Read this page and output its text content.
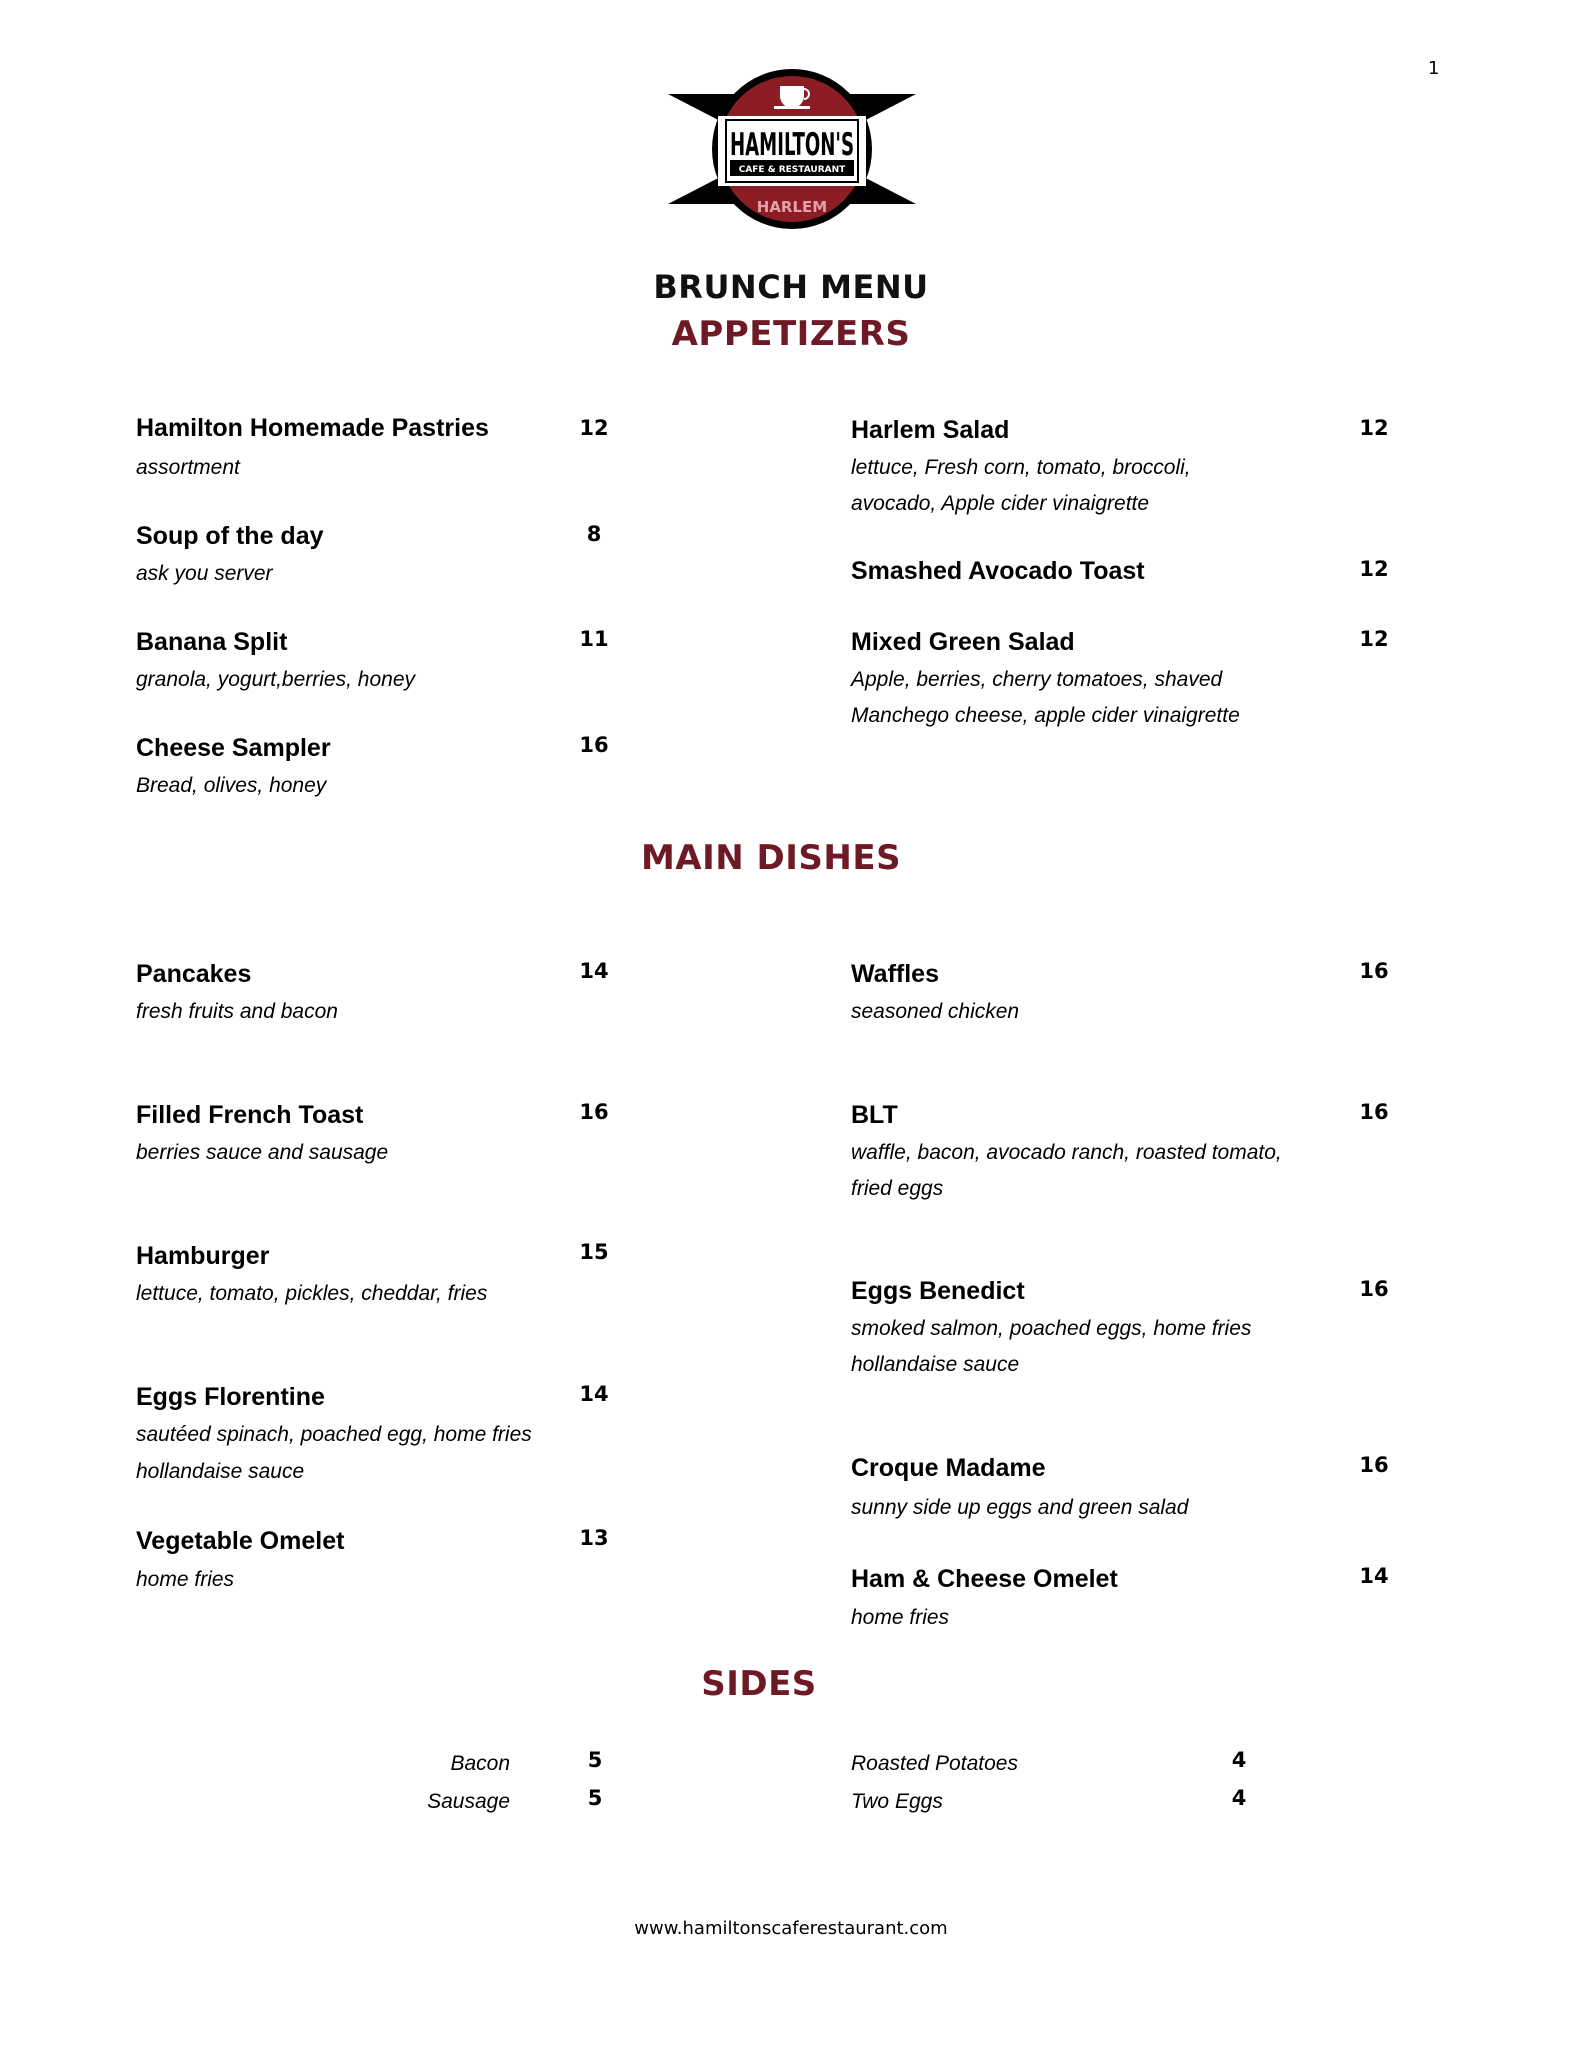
1
HAMILTON'S
CAFE & RESTAURANT
HARLEM
BRUNCH MENU
APPETIZERS
MAIN DISHES
SIDES
Hamilton Homemade Pastries	12
assortment
Soup of the day	8
ask you server
Banana Split	11
granola, yogurt,berries, honey
Cheese Sampler	16
Bread, olives, honey
Harlem Salad	12
lettuce, Fresh corn, tomato, broccoli,
avocado, Apple cider vinaigrette
Smashed Avocado Toast	12
Mixed Green Salad	12
Apple, berries, cherry tomatoes, shaved
Manchego cheese, apple cider vinaigrette
Pancakes	14
fresh fruits and bacon
Filled French Toast	16
berries sauce and sausage
Hamburger	15
lettuce, tomato, pickles, cheddar, fries
Eggs Florentine	14
sautéed spinach, poached egg, home fries
hollandaise sauce
Vegetable Omelet	13
home fries
Waffles	16
seasoned chicken
BLT	16
waffle, bacon, avocado ranch, roasted tomato,
fried eggs
Eggs Benedict	16
smoked salmon, poached eggs, home fries
hollandaise sauce
Croque Madame	16
sunny side up eggs and green salad
Ham & Cheese Omelet	14
home fries
Bacon	5
Sausage	5
Roasted Potatoes	4
Two Eggs	4
www.hamiltonscaferestaurant.com
